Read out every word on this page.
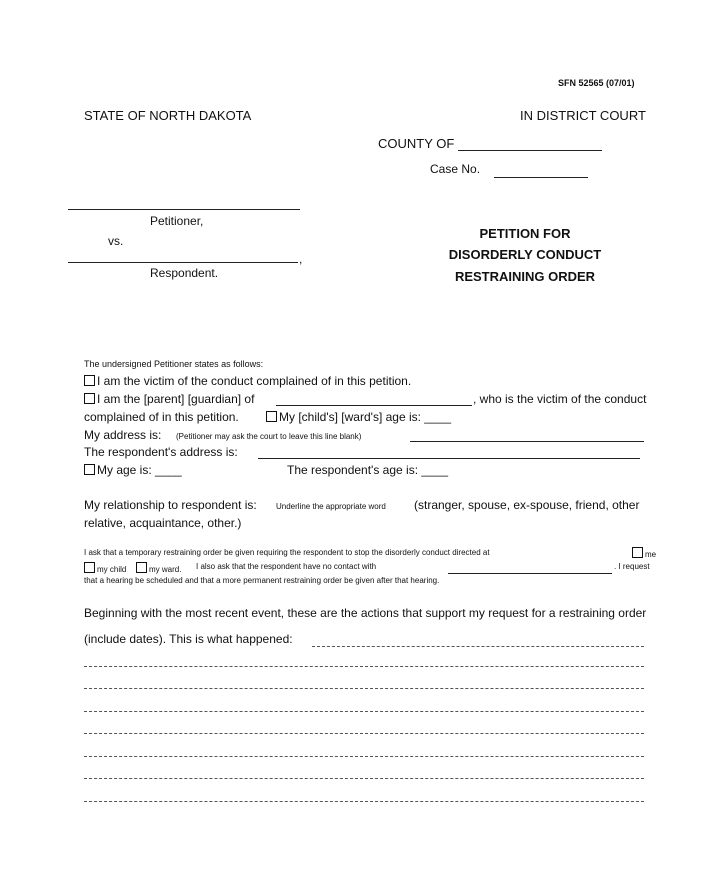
SFN 52565 (07/01)
STATE OF NORTH DAKOTA	IN DISTRICT COURT
COUNTY OF
Case No.
Petitioner,
vs.
,
Respondent.
PETITION FOR
DISORDERLY CONDUCT
RESTRAINING ORDER
The undersigned Petitioner states as follows:
I am the victim of the conduct complained of in this petition.
I am the [parent] [guardian] of	, who is the victim of the conduct
complained of in this petition.	My [child's] [ward's] age is: ____
My address is: (Petitioner may ask the court to leave this line blank)
The respondent's address is:
My age is: ____	The respondent's age is: ____
My relationship to respondent is: Underline the appropriate word (stranger, spouse, ex-spouse, friend, other
relative, acquaintance, other.)
I ask that a temporary restraining order be given requiring the respondent to stop the disorderly conduct directed at	me
my child	my ward. I also ask that the respondent have no contact with	. I request
that a hearing be scheduled and that a more permanent restraining order be given after that hearing.
Beginning with the most recent event, these are the actions that support my request for a restraining order
(include dates). This is what happened:
